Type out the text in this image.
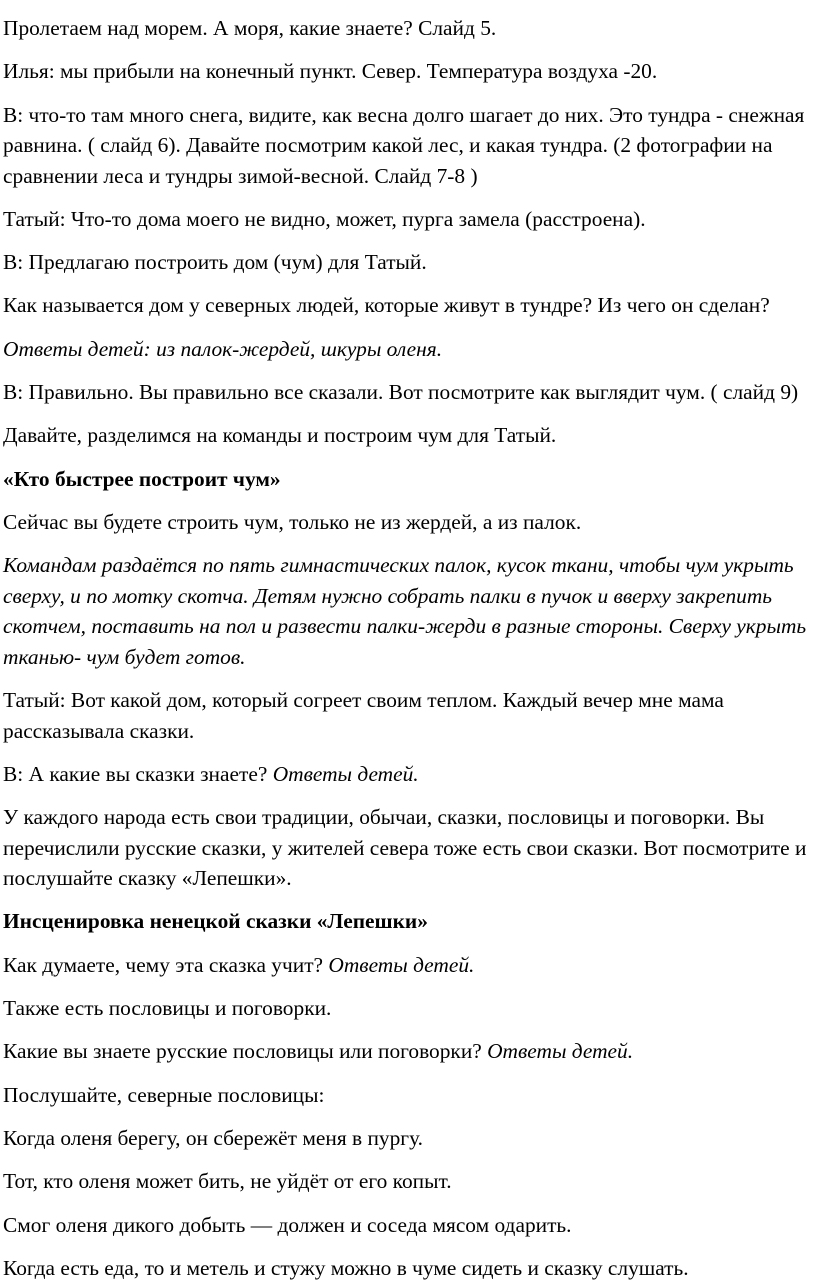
Пролетаем над морем. А моря, какие знаете? Слайд 5.

Илья: мы прибыли на конечный пункт. Север. Температура воздуха -20.

В: что-то там много снега, видите, как весна долго шагает до них. Это тундра - снежная равнина. ( слайд 6). Давайте посмотрим какой лес, и какая тундра. (2 фотографии на сравнении леса и тундры зимой-весной. Слайд 7-8 )

Татый: Что-то дома моего не видно, может, пурга замела (расстроена).

В: Предлагаю построить дом (чум) для Татый.

Как называется дом у северных людей, которые живут в тундре? Из чего он сделан?

Ответы детей: из палок-жердей, шкуры оленя.

В: Правильно. Вы правильно все сказали. Вот посмотрите как выглядит чум. ( слайд 9)

Давайте, разделимся на команды и построим чум для Татый.

«Кто быстрее построит чум»

Сейчас вы будете строить чум, только не из жердей, а из палок.

Командам раздаётся по пять гимнастических палок, кусок ткани, чтобы чум укрыть сверху, и по мотку скотча. Детям нужно собрать палки в пучок и вверху закрепить скотчем, поставить на пол и развести палки-жерди в разные стороны. Сверху укрыть тканью- чум будет готов.

Татый: Вот какой дом, который согреет своим теплом. Каждый вечер мне мама рассказывала сказки.

В: А какие вы сказки знаете? Ответы детей.

У каждого народа есть свои традиции, обычаи, сказки, пословицы и поговорки. Вы перечислили русские сказки, у жителей севера тоже есть свои сказки. Вот посмотрите и послушайте сказку «Лепешки».

Инсценировка ненецкой сказки «Лепешки»

Как думаете, чему эта сказка учит? Ответы детей.

Также есть пословицы и поговорки.

Какие вы знаете русские пословицы или поговорки? Ответы детей.

Послушайте, северные пословицы:

Когда оленя берегу, он сбережёт меня в пургу.

Тот, кто оленя может бить, не уйдёт от его копыт.

Смог оленя дикого добыть — должен и соседа мясом одарить.

Когда есть еда, то и метель и стужу можно в чуме сидеть и сказку слушать.
